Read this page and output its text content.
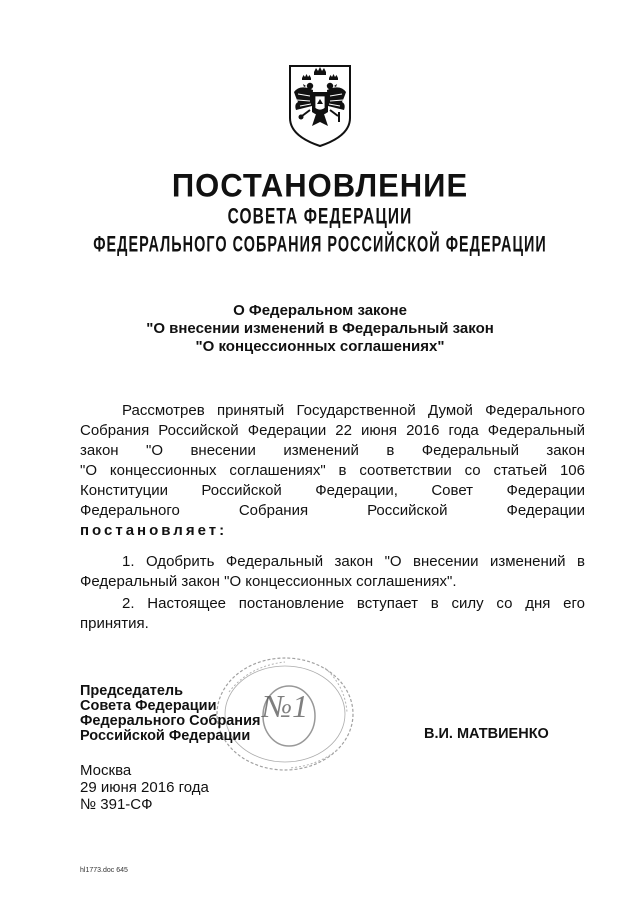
ПОСТАНОВЛЕНИЕ
СОВЕТА ФЕДЕРАЦИИ
ФЕДЕРАЛЬНОГО СОБРАНИЯ РОССИЙСКОЙ ФЕДЕРАЦИИ
О Федеральном законе
"О внесении изменений в Федеральный закон
"О концессионных соглашениях"
Рассмотрев принятый Государственной Думой Федерального
Собрания Российской Федерации 22 июня 2016 года Федеральный
закон "О внесении изменений в Федеральный закон
"О концессионных соглашениях" в соответствии со статьей 106
Конституции Российской Федерации, Совет Федерации
Федерального Собрания Российской Федерации
постановляет:
1. Одобрить Федеральный закон "О внесении изменений в
Федеральный закон "О концессионных соглашениях".
2. Настоящее постановление вступает в силу со дня его
принятия.
№1
Председатель
Совета Федерации
Федерального Собрания
Российской Федерации	В.И. МАТВИЕНКО
Москва
29 июня 2016 года
№ 391-СФ
hl1773.doc 645
